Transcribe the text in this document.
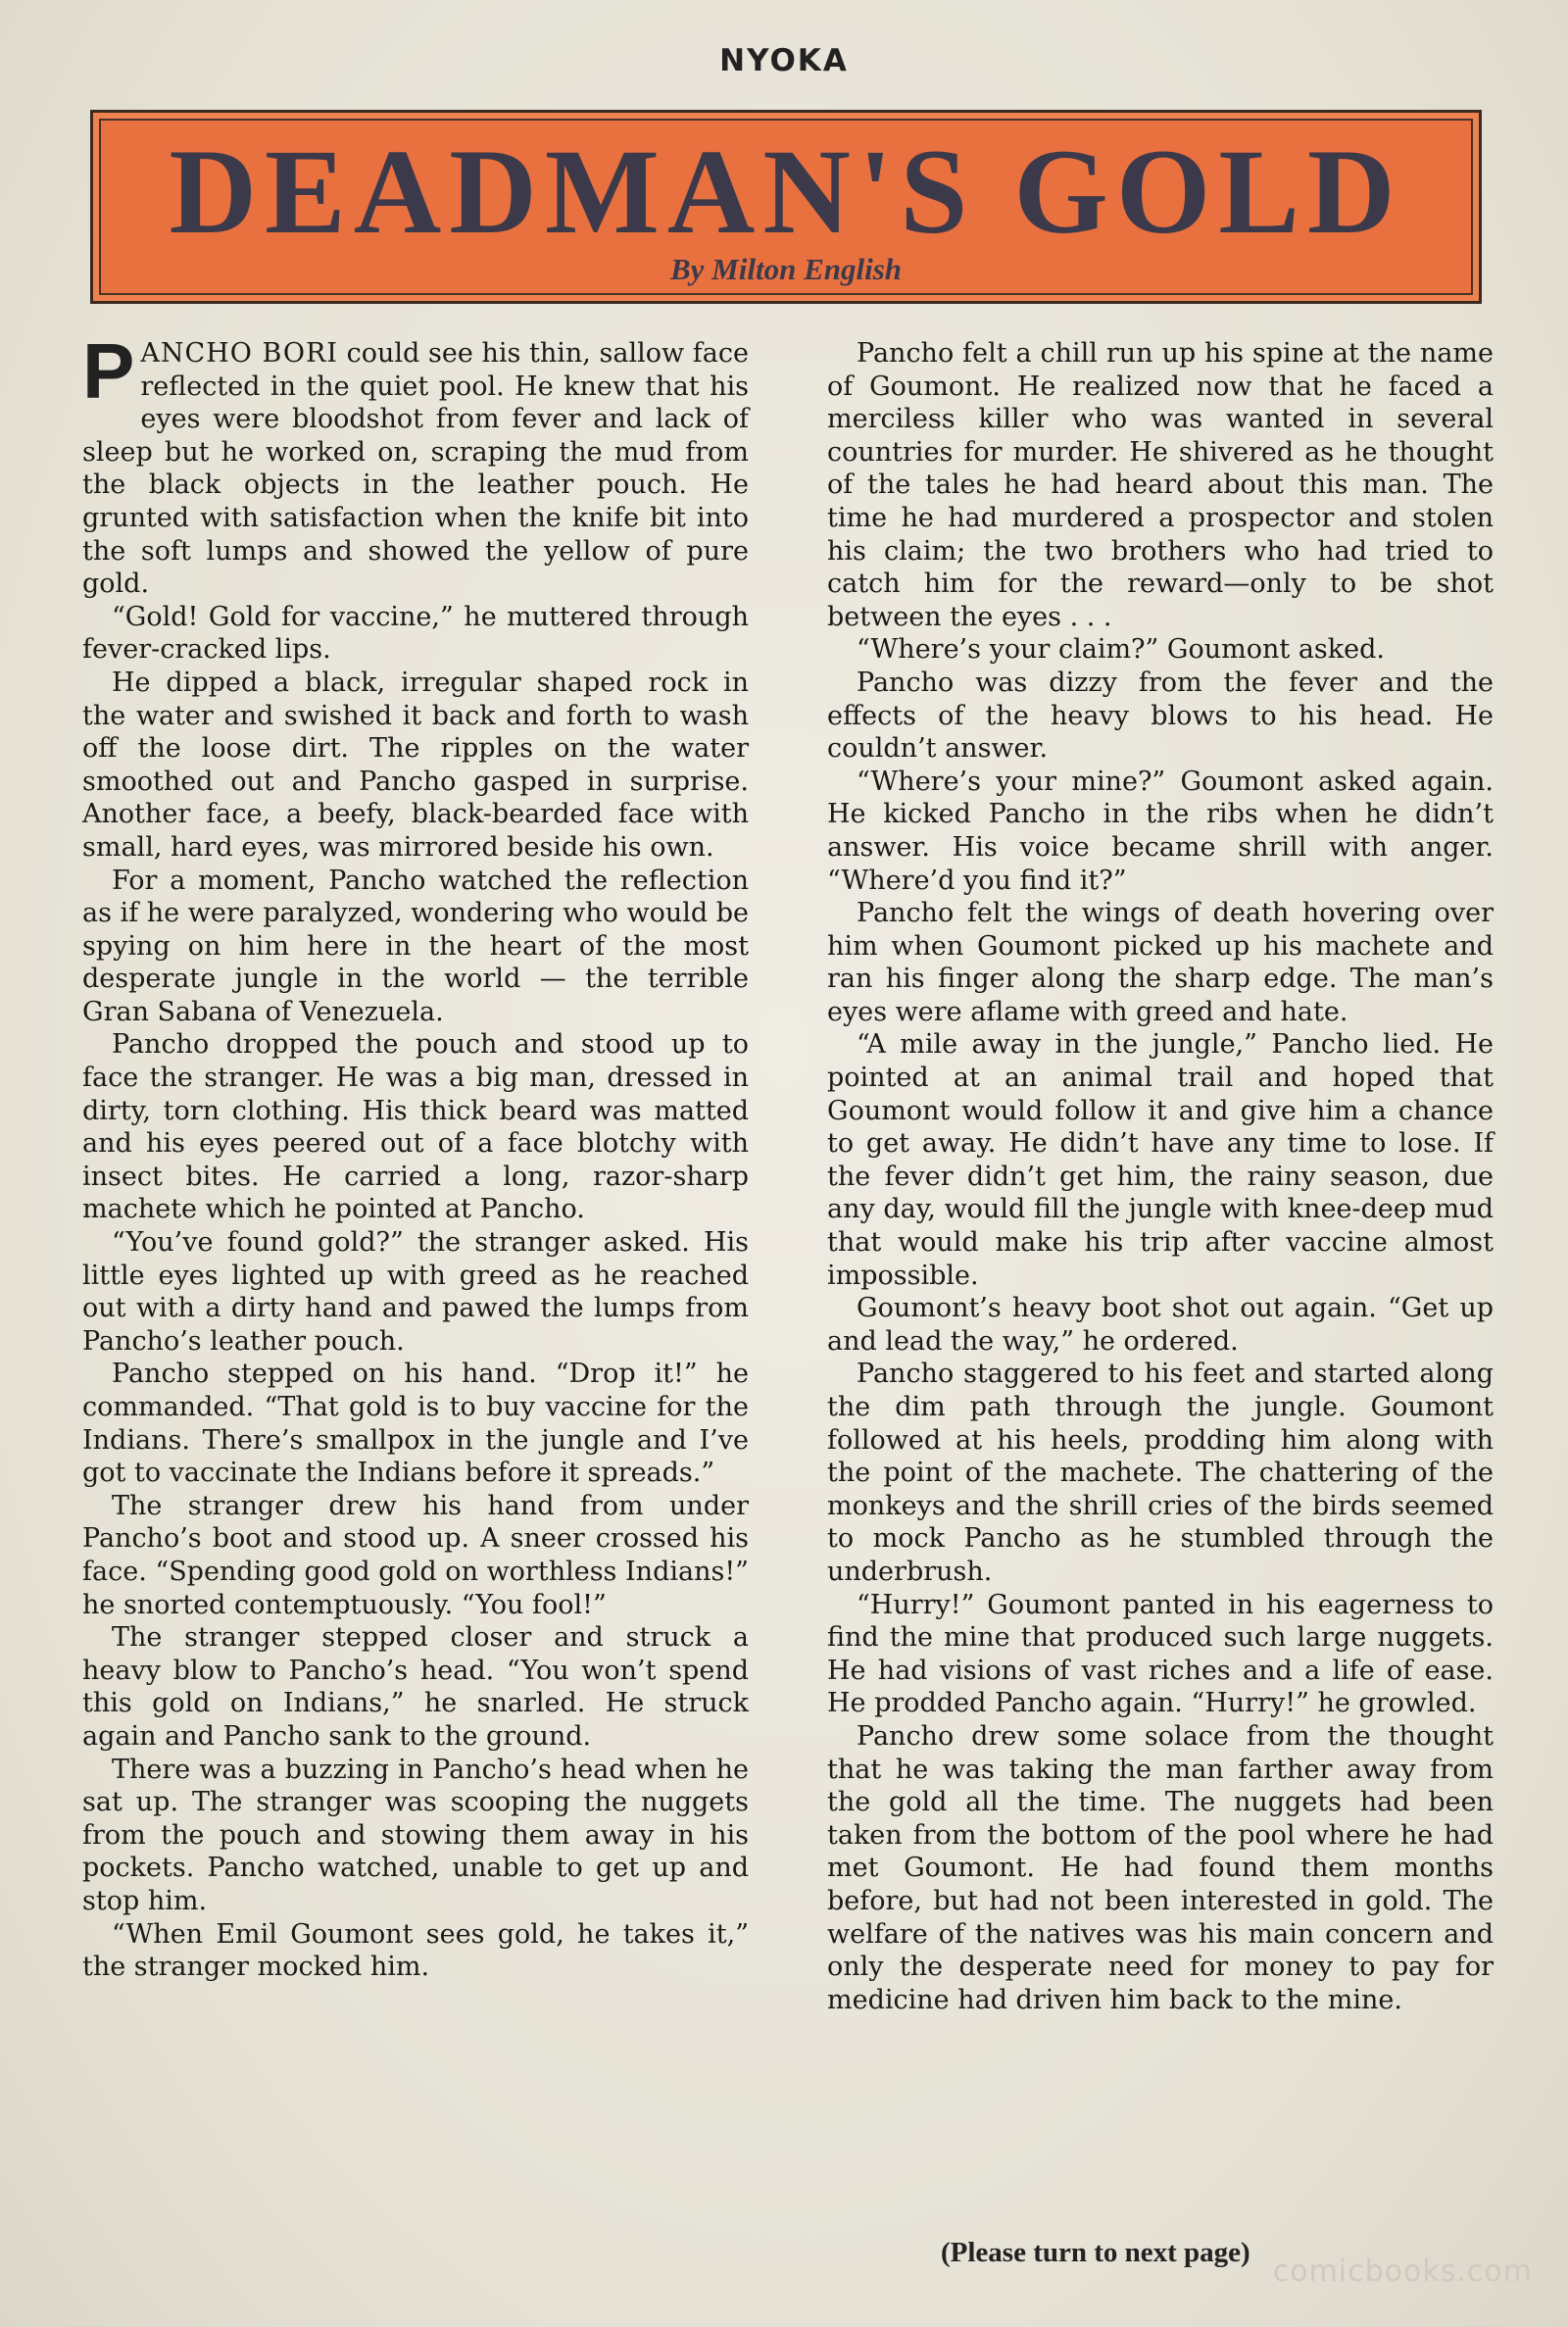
NYOKA
DEADMAN'S GOLD
By Milton English

PANCHO BORI could see his thin, sallow face reflected in the quiet pool. He knew that his eyes were bloodshot from fever and lack of sleep but he worked on, scraping the mud from the black objects in the leather pouch. He grunted with satisfaction when the knife bit into the soft lumps and showed the yellow of pure gold.

“Gold! Gold for vaccine,” he muttered through fever-cracked lips.

He dipped a black, irregular shaped rock in the water and swished it back and forth to wash off the loose dirt. The ripples on the water smoothed out and Pancho gasped in surprise. Another face, a beefy, black-bearded face with small, hard eyes, was mirrored beside his own.

For a moment, Pancho watched the reflection as if he were paralyzed, wondering who would be spying on him here in the heart of the most desperate jungle in the world — the terrible Gran Sabana of Venezuela.

Pancho dropped the pouch and stood up to face the stranger. He was a big man, dressed in dirty, torn clothing. His thick beard was matted and his eyes peered out of a face blotchy with insect bites. He carried a long, razor-sharp machete which he pointed at Pancho.

“You’ve found gold?” the stranger asked. His little eyes lighted up with greed as he reached out with a dirty hand and pawed the lumps from Pancho’s leather pouch.

Pancho stepped on his hand. “Drop it!” he commanded. “That gold is to buy vaccine for the Indians. There’s smallpox in the jungle and I’ve got to vaccinate the Indians before it spreads.”

The stranger drew his hand from under Pancho’s boot and stood up. A sneer crossed his face. “Spending good gold on worthless Indians!” he snorted contemptuously. “You fool!”

The stranger stepped closer and struck a heavy blow to Pancho’s head. “You won’t spend this gold on Indians,” he snarled. He struck again and Pancho sank to the ground.

There was a buzzing in Pancho’s head when he sat up. The stranger was scooping the nuggets from the pouch and stowing them away in his pockets. Pancho watched, unable to get up and stop him.

“When Emil Goumont sees gold, he takes it,” the stranger mocked him.

Pancho felt a chill run up his spine at the name of Goumont. He realized now that he faced a merciless killer who was wanted in several countries for murder. He shivered as he thought of the tales he had heard about this man. The time he had murdered a prospector and stolen his claim; the two brothers who had tried to catch him for the reward—only to be shot between the eyes . . .

“Where’s your claim?” Goumont asked.

Pancho was dizzy from the fever and the effects of the heavy blows to his head. He couldn’t answer.

“Where’s your mine?” Goumont asked again. He kicked Pancho in the ribs when he didn’t answer. His voice became shrill with anger. “Where’d you find it?”

Pancho felt the wings of death hovering over him when Goumont picked up his machete and ran his finger along the sharp edge. The man’s eyes were aflame with greed and hate.

“A mile away in the jungle,” Pancho lied. He pointed at an animal trail and hoped that Goumont would follow it and give him a chance to get away. He didn’t have any time to lose. If the fever didn’t get him, the rainy season, due any day, would fill the jungle with knee-deep mud that would make his trip after vaccine almost impossible.

Goumont’s heavy boot shot out again. “Get up and lead the way,” he ordered.

Pancho staggered to his feet and started along the dim path through the jungle. Goumont followed at his heels, prodding him along with the point of the machete. The chattering of the monkeys and the shrill cries of the birds seemed to mock Pancho as he stumbled through the underbrush.

“Hurry!” Goumont panted in his eagerness to find the mine that produced such large nuggets. He had visions of vast riches and a life of ease. He prodded Pancho again. “Hurry!” he growled.

Pancho drew some solace from the thought that he was taking the man farther away from the gold all the time. The nuggets had been taken from the bottom of the pool where he had met Goumont. He had found them months before, but had not been interested in gold. The welfare of the natives was his main concern and only the desperate need for money to pay for medicine had driven him back to the mine.

(Please turn to next page)
comicbooks.com
